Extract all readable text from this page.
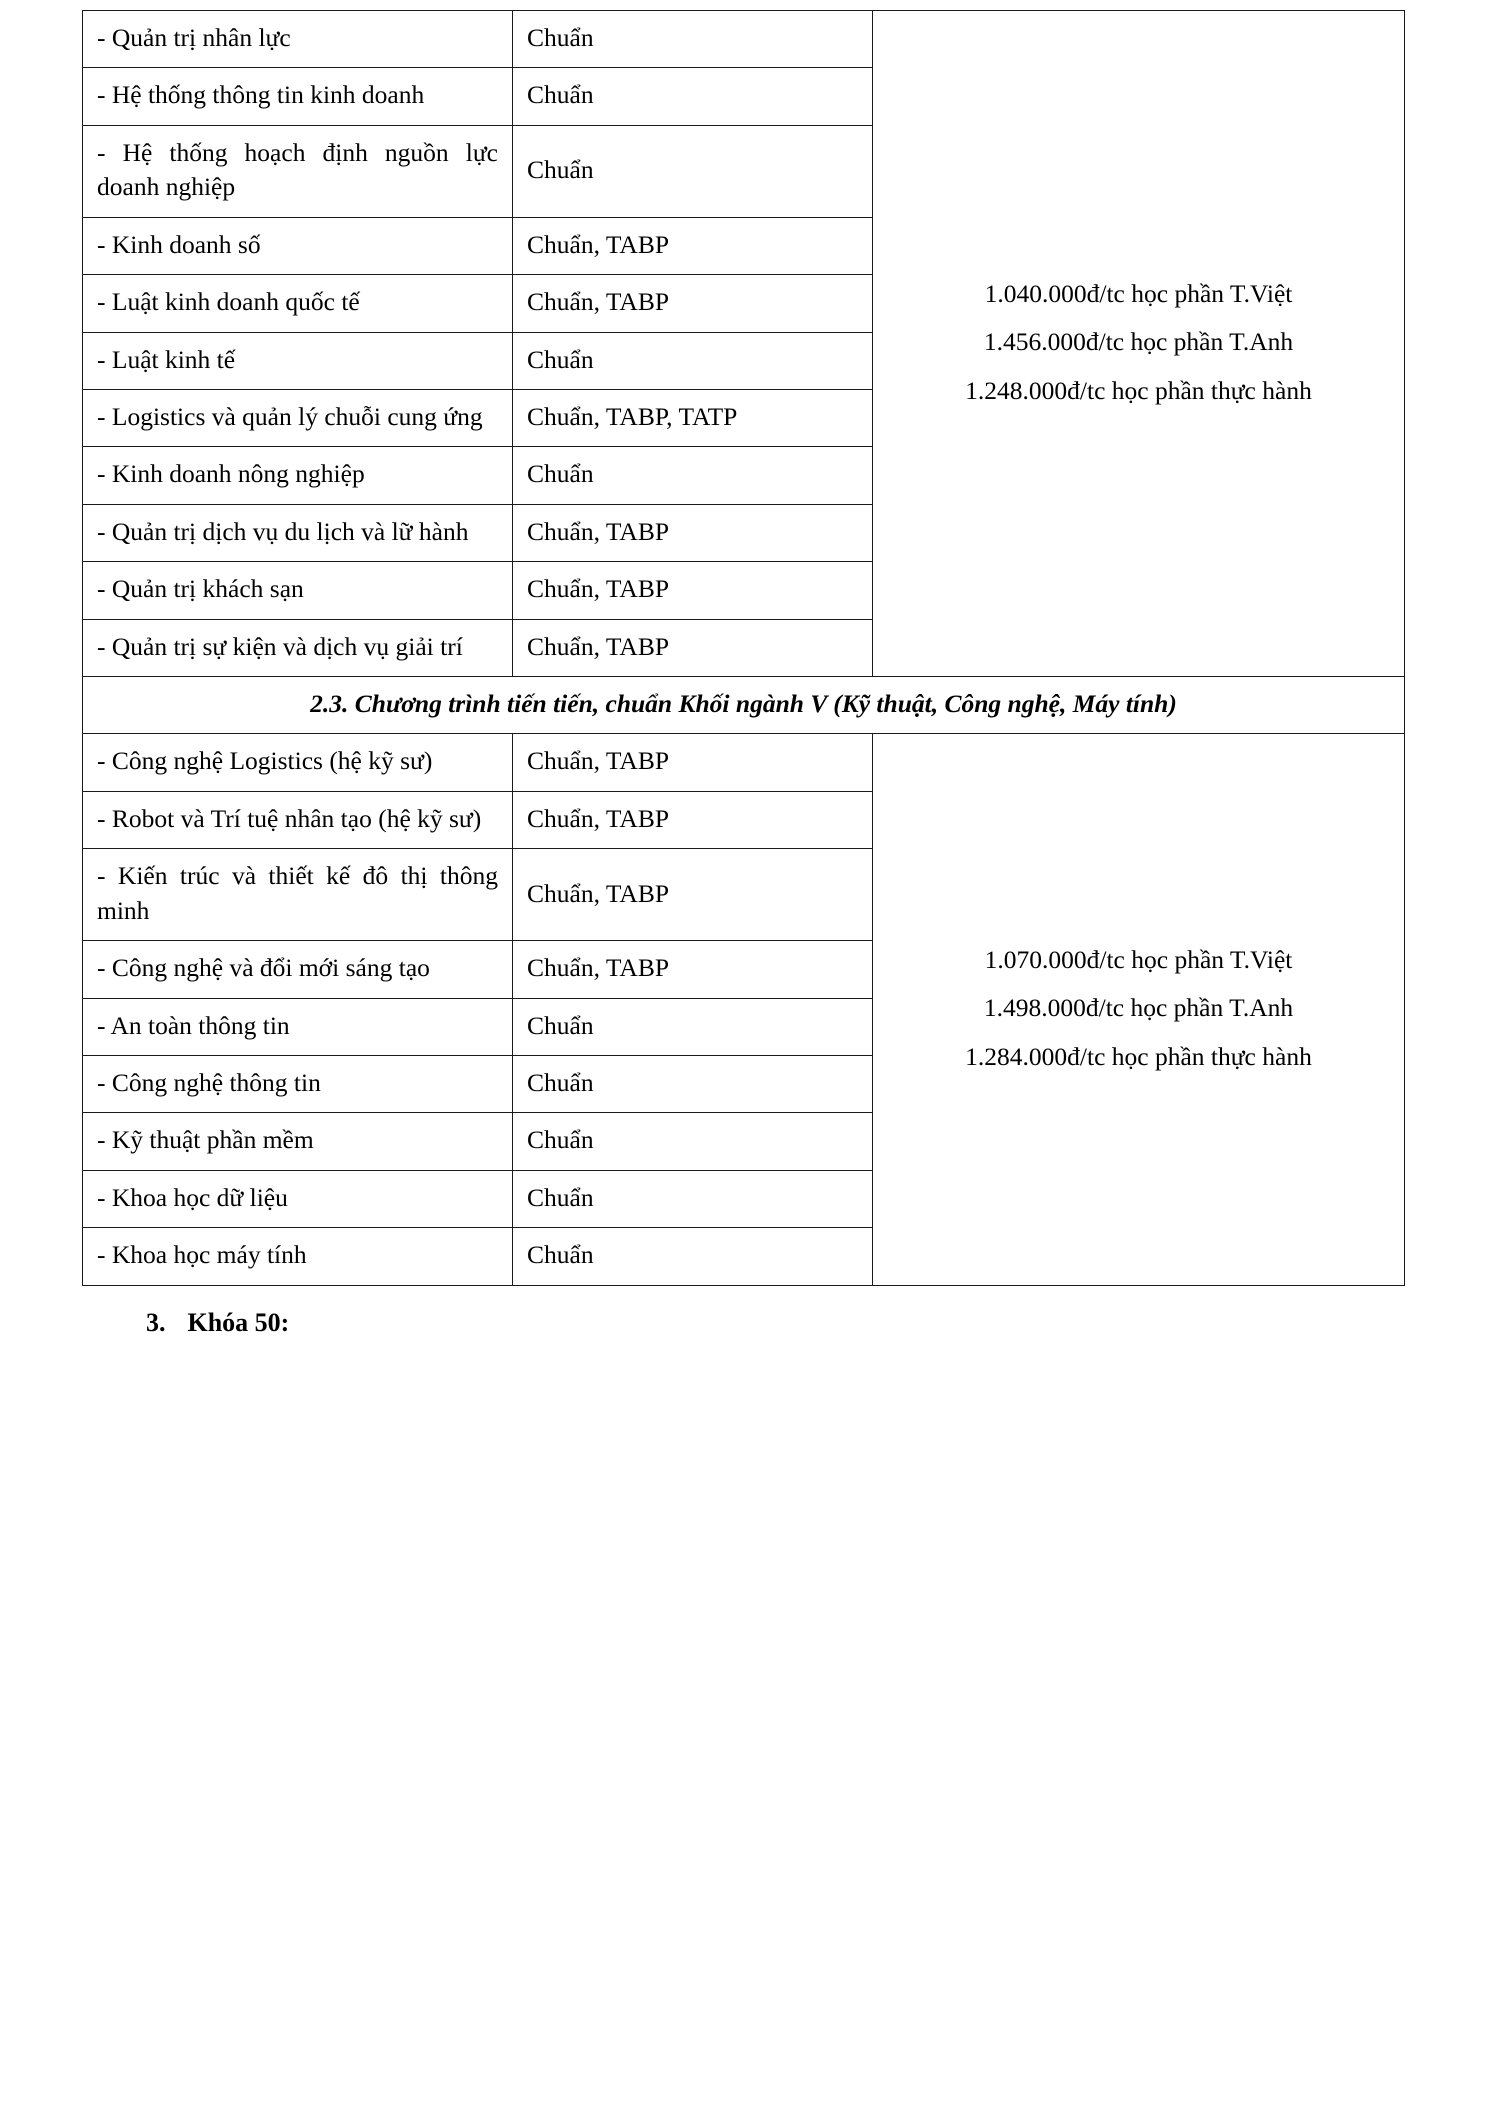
- Quản trị nhân lực	Chuẩn	1.040.000đ/tc học phần T.Việt
1.456.000đ/tc học phần T.Anh
1.248.000đ/tc học phần thực hành

- Hệ thống thông tin kinh doanh	Chuẩn	
- Hệ thống hoạch định nguồn lực doanh nghiệp	Chuẩn	
- Kinh doanh số	Chuẩn, TABP	
- Luật kinh doanh quốc tế	Chuẩn, TABP	
- Luật kinh tế	Chuẩn	
- Logistics và quản lý chuỗi cung ứng	Chuẩn, TABP, TATP	
- Kinh doanh nông nghiệp	Chuẩn	
- Quản trị dịch vụ du lịch và lữ hành	Chuẩn, TABP	
- Quản trị khách sạn	Chuẩn, TABP	
- Quản trị sự kiện và dịch vụ giải trí	Chuẩn, TABP	
2.3. Chương trình tiến tiến, chuẩn Khối ngành V (Kỹ thuật, Công nghệ, Máy tính)		
- Công nghệ Logistics (hệ kỹ sư)	Chuẩn, TABP	1.070.000đ/tc học phần T.Việt
1.498.000đ/tc học phần T.Anh
1.284.000đ/tc học phần thực hành

- Robot và Trí tuệ nhân tạo (hệ kỹ sư)	Chuẩn, TABP	
- Kiến trúc và thiết kế đô thị thông minh	Chuẩn, TABP	
- Công nghệ và đổi mới sáng tạo	Chuẩn, TABP	
- An toàn thông tin	Chuẩn	
- Công nghệ thông tin	Chuẩn	
- Kỹ thuật phần mềm	Chuẩn	
- Khoa học dữ liệu	Chuẩn	
- Khoa học máy tính	Chuẩn	
3. Khóa 50:
